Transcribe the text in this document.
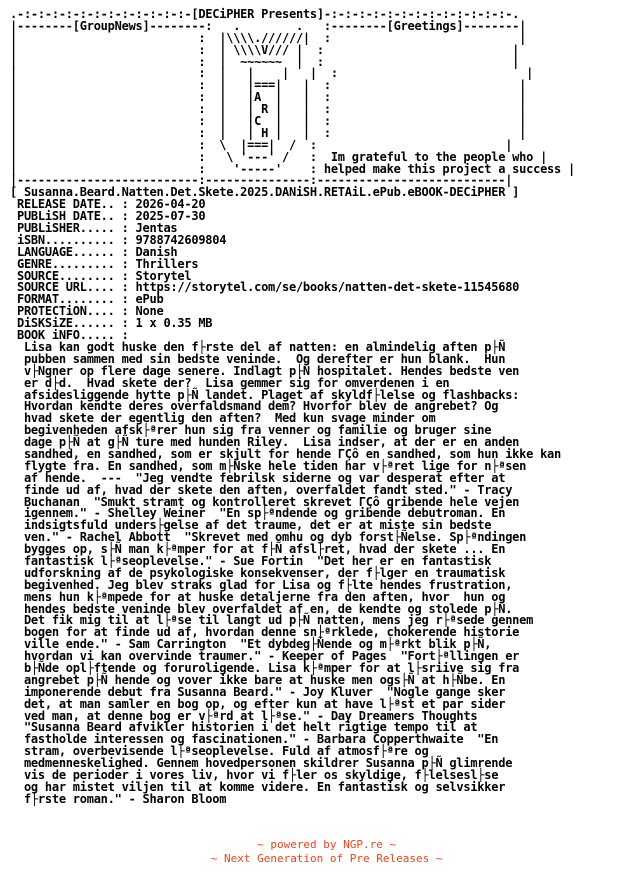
.-:-:-:-:-:-:-:-:-:-:-:-:-[DECiPHER Presents]-:-:-:-:-:-:-:-:-:-:-:-:-:-.
|--------[GroupNews]--------:   .        .   :--------[Greetings]--------|
|                          :  |\\\\.//////|  :                           |
|                          :  | \\\\V/// |  :                           |
|                          :  |  ~~~~~~  |  :                           |
|                          :  |   |    |   |  :                           |
|                          :  |   |===|   |  :                           |
|                          :  |   |A  |   |  :                           |
|                          :  |   | R |   |  :                           |
|                          :  |   |C  |   |  :                           |
|                          :  |   | H |   |  :                           |
|                          :  \  |===|  /  :                           |
|                          :   \ '---' /   :  Im grateful to the people who |
|                          :    '-----'    : helped make this project a success |
|--------------------------:---------------:---------------------------|
[ Susanna.Beard.Natten.Det.Skete.2025.DANiSH.RETAiL.ePub.eBOOK-DECiPHER ]
RELEASE DATE.. : 2026-04-20
PUBLiSH DATE.. : 2025-07-30
PUBLiSHER..... : Jentas
iSBN.......... : 9788742609804
LANGUAGE...... : Danish
GENRE......... : Thrillers
SOURCE........ : Storytel
SOURCE URL.... : https://storytel.com/se/books/natten-det-skete-11545680
FORMAT........ : ePub
PROTECTiON.... : None
DiSKSiZE...... : 1 x 0.35 MB
BOOK iNFO..... :
Lisa kan godt huske den f├rste del af natten: en almindelig aften p├Ñ
pubben sammen med sin bedste veninde.  Og derefter er hun blank.  Hun
v├Ngner op flere dage senere. Indlagt p├Ñ hospitalet. Hendes bedste ven
er d├d.  Hvad skete der?  Lisa gemmer sig for omverdenen i en
afsidesliggende hytte p├Ñ landet. Plaget af skyldf├lelse og flashbacks:
Hvordan kendte deres overfaldsmand dem? Hvorfor blev de angrebet? Og
hvad skete der egentlig den aften?  Med kun svage minder om
begivenheden afsk├ªrer hun sig fra venner og familie og bruger sine
dage p├Ñ at g├Ñ ture med hunden Riley.  Lisa indser, at der er en anden
sandhed, en sandhed, som er skjult for hende ΓÇô en sandhed, som hun ikke kan
flygte fra. En sandhed, som m├Ñske hele tiden har v├ªret lige for n├ªsen
af hende.  ---  "Jeg vendte febrilsk siderne og var desperat efter at
finde ud af, hvad der skete den aften, overfaldet fandt sted." - Tracy
Buchanan  "Smukt stramt og kontrolleret skrevet ΓÇô gribende hele vejen
igennem." - Shelley Weiner  "En sp├ªndende og gribende debutroman. En
indsigtsfuld unders├gelse af det traume, det er at miste sin bedste
ven." - Rachel Abbott  "Skrevet med omhu og dyb forst├Ñelse. Sp├ªndingen
bygges op, s├Ñ man k├ªmper for at f├Ñ afsl├ret, hvad der skete ... En
fantastisk l├ªseoplevelse." - Sue Fortin  "Det her er en fantastisk
udforskning af de psykologiske konsekvenser, der f├lger en traumatisk
begivenhed. Jeg blev straks glad for Lisa og f├lte hendes frustration,
mens hun k├ªmpede for at huske detaljerne fra den aften, hvor  hun og
hendes bedste veninde blev overfaldet af en, de kendte og stolede p├Ñ.
Det fik mig til at l├ªse til langt ud p├Ñ natten, mens jeg r├ªsede gennem
bogen for at finde ud af, hvordan denne sn├ªrklede, chokerende historie
ville ende." - Sam Carrington  "Et dybdeg├Ñende og m├ªrkt blik p├Ñ,
hvordan vi kan overvinde traumer." - Keeper of Pages  "Fort├ªllingen er
b├Ñde opl├ftende og foruroligende. Lisa k├ªmper for at l├sriive sig fra
angrebet p├Ñ hende og vover ikke bare at huske men ogs├Ñ at h├Ñbe. En
imponerende debut fra Susanna Beard." - Joy Kluver  "Nogle gange sker
det, at man samler en bog op, og efter kun at have l├ªst et par sider
ved man, at denne bog er v├ªrd at l├ªse." - Day Dreamers Thoughts
"Susanna Beard afvikler historien i det helt rigtige tempo til at
fastholde interessen og fascinationen." - Barbara Copperthwaite  "En
stram, overbevisende l├ªseoplevelse. Fuld af atmosf├ªre og
medmenneskelighed. Gennem hovedpersonen skildrer Susanna p├Ñ glimrende
vis de perioder i vores liv, hvor vi f├ler os skyldige, f├lelsesl├se
og har mistet viljen til at komme videre. En fantastisk og selvsikker
f├rste roman." - Sharon Bloom

~ powered by NGP.re ~

~ Next Generation of Pre Releases ~
